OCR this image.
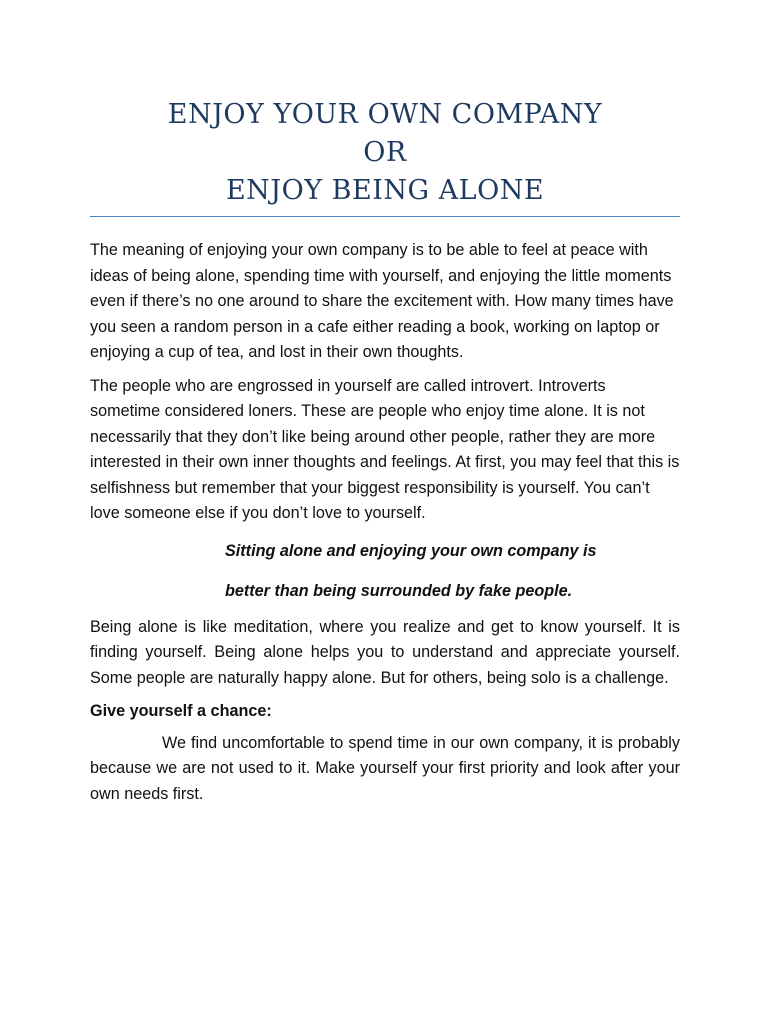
ENJOY YOUR OWN COMPANY
OR
ENJOY BEING ALONE

The meaning of enjoying your own company is to be able to feel at peace with ideas of being alone, spending time with yourself, and enjoying the little moments even if there’s no one around to share the excitement with. How many times have you seen a random person in a cafe either reading a book, working on laptop or enjoying a cup of tea, and lost in their own thoughts.

The people who are engrossed in yourself are called introvert. Introverts sometime considered loners. These are people who enjoy time alone. It is not necessarily that they don’t like being around other people, rather they are more interested in their own inner thoughts and feelings. At first, you may feel that this is selfishness but remember that your biggest responsibility is yourself. You can’t love someone else if you don’t love to yourself.

Sitting alone and enjoying your own company is

better than being surrounded by fake people.

Being alone is like meditation, where you realize and get to know yourself. It is finding yourself. Being alone helps you to understand and appreciate yourself. Some people are naturally happy alone. But for others, being solo is a challenge.

Give yourself a chance:

We find uncomfortable to spend time in our own company, it is probably because we are not used to it. Make yourself your first priority and look after your own needs first.
